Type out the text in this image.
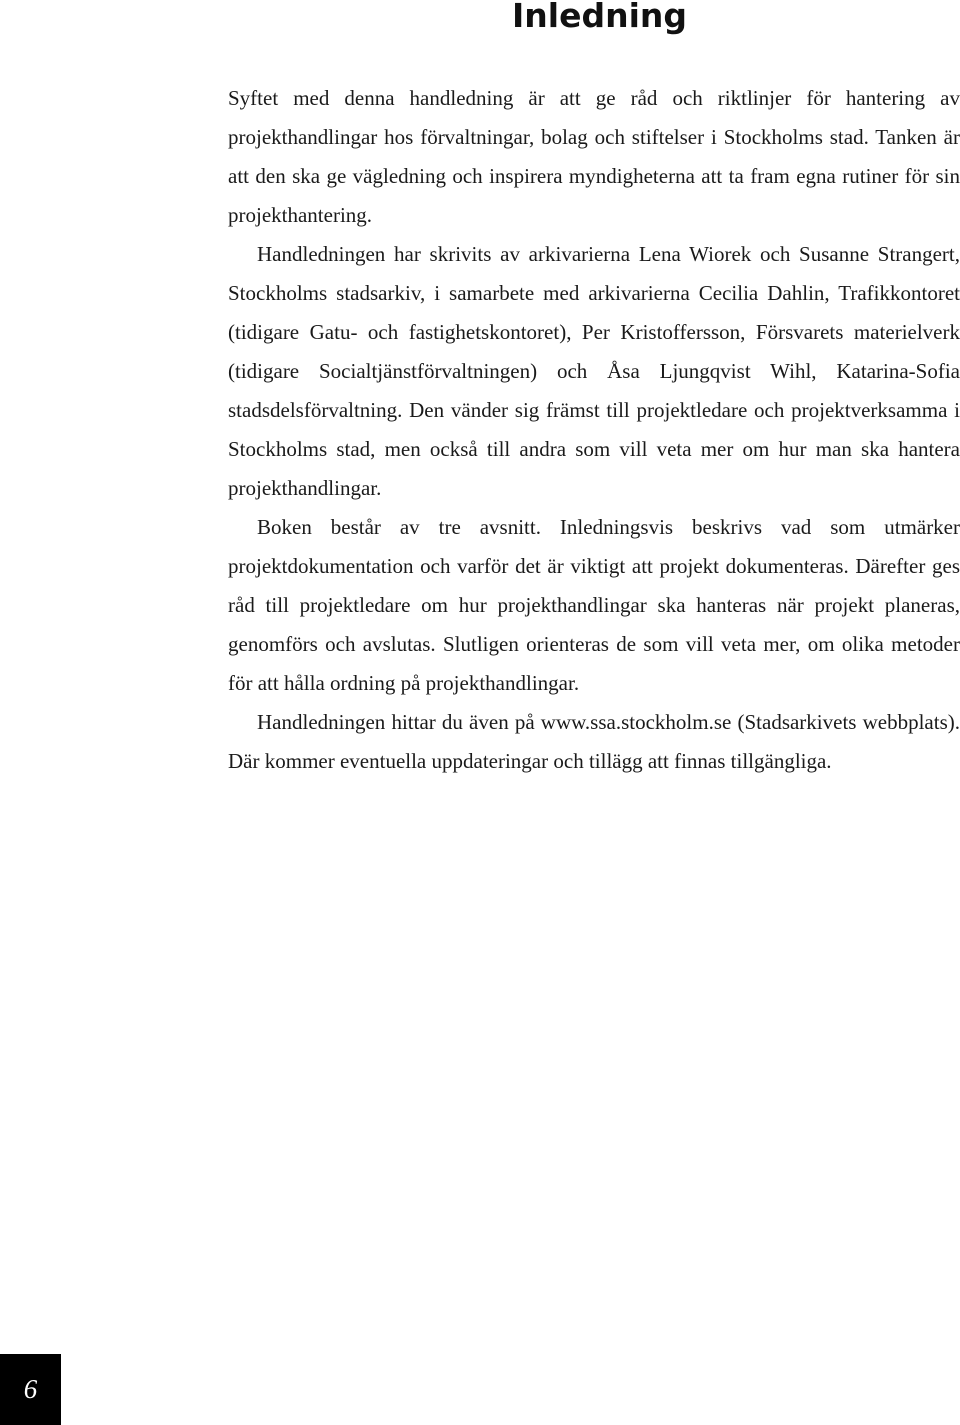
Inledning

Syftet med denna handledning är att ge råd och riktlinjer för hantering av projekthandlingar hos förvaltningar, bolag och stiftelser i Stockholms stad. Tanken är att den ska ge vägledning och inspirera myndigheterna att ta fram egna rutiner för sin projekthantering.

Handledningen har skrivits av arkivarierna Lena Wiorek och Susanne Strangert, Stockholms stadsarkiv, i samarbete med arkivarierna Cecilia Dahlin, Trafikkontoret (tidigare Gatu- och fastighetskontoret), Per Kristoffersson, Försvarets materielverk (tidigare Socialtjänstförvaltningen) och Åsa Ljungqvist Wihl, Katarina-Sofia stadsdelsförvaltning. Den vänder sig främst till projektledare och projektverksamma i Stockholms stad, men också till andra som vill veta mer om hur man ska hantera projekthandlingar.

Boken består av tre avsnitt. Inledningsvis beskrivs vad som utmärker projektdokumentation och varför det är viktigt att projekt dokumenteras. Därefter ges råd till projektledare om hur projekthandlingar ska hanteras när projekt planeras, genomförs och avslutas. Slutligen orienteras de som vill veta mer, om olika metoder för att hålla ordning på projekthandlingar.

Handledningen hittar du även på www.ssa.stockholm.se (Stadsarkivets webbplats). Där kommer eventuella uppdateringar och tillägg att finnas tillgängliga.

6
